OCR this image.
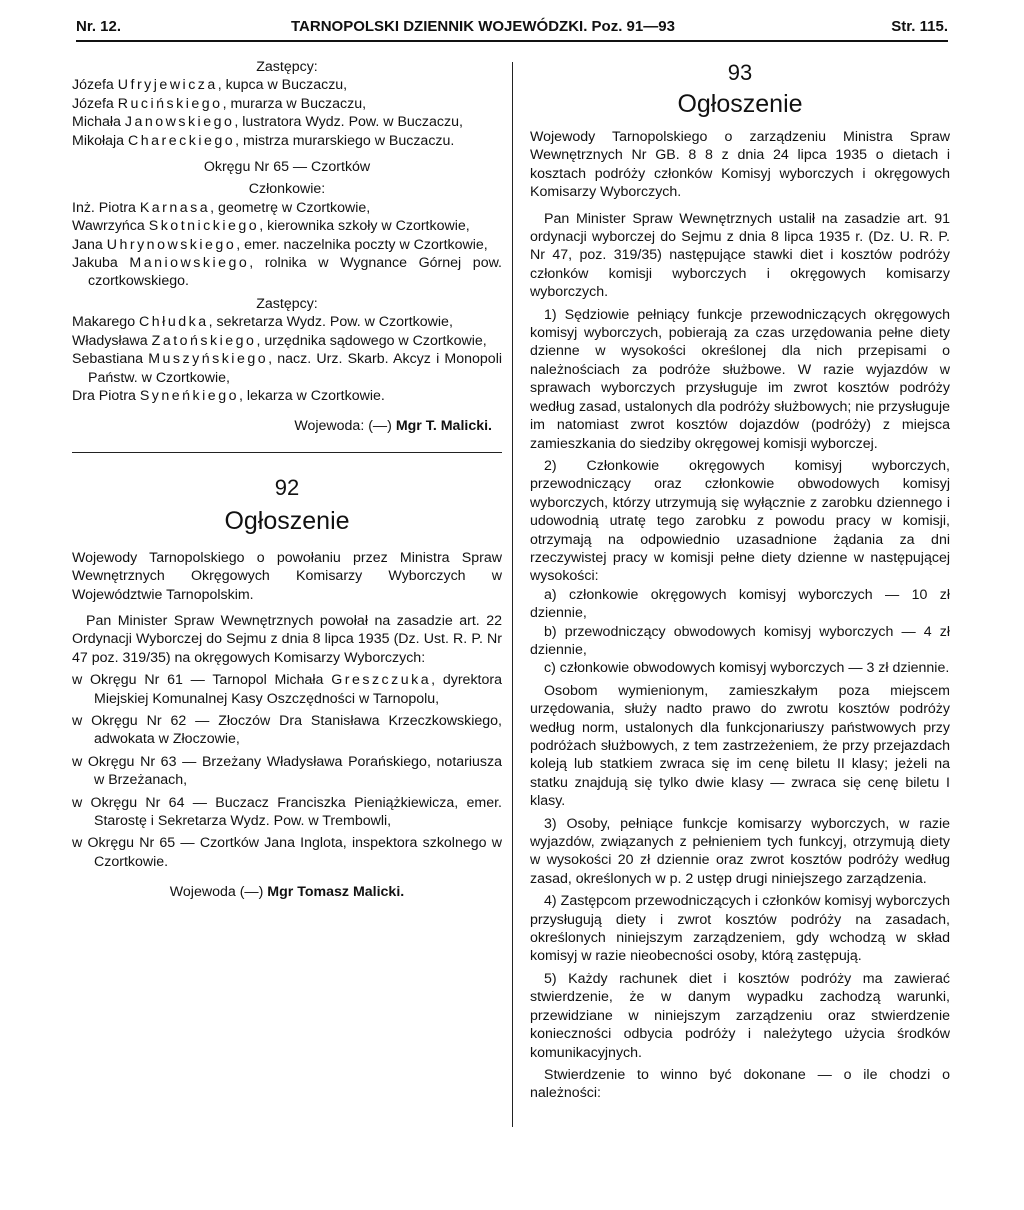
Nr. 12.	TARNOPOLSKI DZIENNIK WOJEWÓDZKI. Poz. 91—93	Str. 115.

Zastępcy:

Józefa Ufryjewicza, kupca w Buczaczu,

Józefa Rucińskiego, murarza w Buczaczu,

Michała Janowskiego, lustratora Wydz. Pow. w Buczaczu,

Mikołaja Chareckiego, mistrza murarskiego w Buczaczu.

Okręgu Nr 65 — Czortków

Członkowie:

Inż. Piotra Karnasa, geometrę w Czortkowie,

Wawrzyńca Skotnickiego, kierownika szkoły w Czortkowie,

Jana Uhrynowskiego, emer. naczelnika poczty w Czortkowie,

Jakuba Maniowskiego, rolnika w Wygnance Górnej pow. czortkowskiego.

Zastępcy:

Makarego Chłudka, sekretarza Wydz. Pow. w Czortkowie,

Władysława Zatońskiego, urzędnika sądowego w Czortkowie,

Sebastiana Muszyńskiego, nacz. Urz. Skarb. Akcyz i Monopoli Państw. w Czortkowie,

Dra Piotra Syneńkiego, lekarza w Czortkowie.

Wojewoda: (—) Mgr T. Malicki.

92

Ogłoszenie

Wojewody Tarnopolskiego o powołaniu przez Ministra Spraw Wewnętrznych Okręgowych Komisarzy Wyborczych w Województwie Tarnopolskim.

Pan Minister Spraw Wewnętrznych powołał na zasadzie art. 22 Ordynacji Wyborczej do Sejmu z dnia 8 lipca 1935 (Dz. Ust. R. P. Nr 47 poz. 319/35) na okręgowych Komisarzy Wyborczych:

w Okręgu Nr 61 — Tarnopol Michała Greszczuka, dyrektora Miejskiej Komunalnej Kasy Oszczędności w Tarnopolu,

w Okręgu Nr 62 — Złoczów Dra Stanisława Krzeczkowskiego, adwokata w Złoczowie,

w Okręgu Nr 63 — Brzeżany Władysława Porańskiego, notariusza w Brzeżanach,

w Okręgu Nr 64 — Buczacz Franciszka Pieniążkiewicza, emer. Starostę i Sekretarza Wydz. Pow. w Trembowli,

w Okręgu Nr 65 — Czortków Jana Inglota, inspektora szkolnego w Czortkowie.

Wojewoda (—) Mgr Tomasz Malicki.

93

Ogłoszenie

Wojewody Tarnopolskiego o zarządzeniu Ministra Spraw Wewnętrznych Nr GB. 8 8 z dnia 24 lipca 1935 o dietach i kosztach podróży członków Komisyj wyborczych i okręgowych Komisarzy Wyborczych.

Pan Minister Spraw Wewnętrznych ustalił na zasadzie art. 91 ordynacji wyborczej do Sejmu z dnia 8 lipca 1935 r. (Dz. U. R. P. Nr 47, poz. 319/35) następujące stawki diet i kosztów podróży członków komisji wyborczych i okręgowych komisarzy wyborczych.

1) Sędziowie pełniący funkcje przewodniczących okręgowych komisyj wyborczych, pobierają za czas urzędowania pełne diety dzienne w wysokości określonej dla nich przepisami o należnościach za podróże służbowe. W razie wyjazdów w sprawach wyborczych przysługuje im zwrot kosztów podróży według zasad, ustalonych dla podróży służbowych; nie przysługuje im natomiast zwrot kosztów dojazdów (podróży) z miejsca zamieszkania do siedziby okręgowej komisji wyborczej.

2) Członkowie okręgowych komisyj wyborczych, przewodniczący oraz członkowie obwodowych komisyj wyborczych, którzy utrzymują się wyłącznie z zarobku dziennego i udowodnią utratę tego zarobku z powodu pracy w komisji, otrzymają na odpowiednio uzasadnione żądania za dni rzeczywistej pracy w komisji pełne diety dzienne w następującej wysokości:

a) członkowie okręgowych komisyj wyborczych — 10 zł dziennie,

b) przewodniczący obwodowych komisyj wyborczych — 4 zł dziennie,

c) członkowie obwodowych komisyj wyborczych — 3 zł dziennie.

Osobom wymienionym, zamieszkałym poza miejscem urzędowania, służy nadto prawo do zwrotu kosztów podróży według norm, ustalonych dla funkcjonariuszy państwowych przy podróżach służbowych, z tem zastrzeżeniem, że przy przejazdach koleją lub statkiem zwraca się im cenę biletu II klasy; jeżeli na statku znajdują się tylko dwie klasy — zwraca się cenę biletu I klasy.

3) Osoby, pełniące funkcje komisarzy wyborczych, w razie wyjazdów, związanych z pełnieniem tych funkcyj, otrzymują diety w wysokości 20 zł dziennie oraz zwrot kosztów podróży według zasad, określonych w p. 2 ustęp drugi niniejszego zarządzenia.

4) Zastępcom przewodniczących i członków komisyj wyborczych przysługują diety i zwrot kosztów podróży na zasadach, określonych niniejszym zarządzeniem, gdy wchodzą w skład komisyj w razie nieobecności osoby, którą zastępują.

5) Każdy rachunek diet i kosztów podróży ma zawierać stwierdzenie, że w danym wypadku zachodzą warunki, przewidziane w niniejszym zarządzeniu oraz stwierdzenie konieczności odbycia podróży i należytego użycia środków komunikacyjnych.

Stwierdzenie to winno być dokonane — o ile chodzi o należności:
